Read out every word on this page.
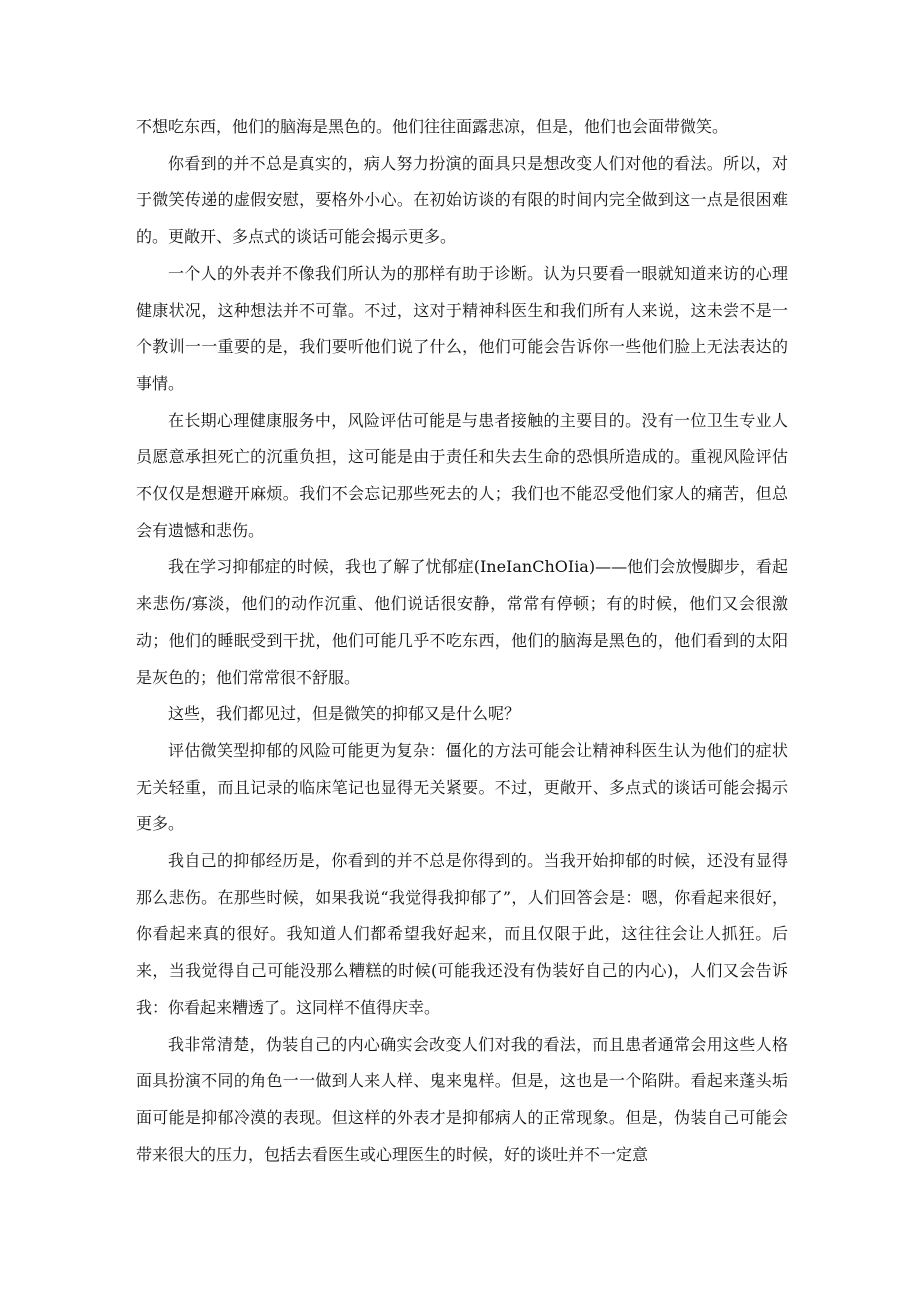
不想吃东西，他们的脑海是黑色的。他们往往面露悲凉，但是，他们也会面带微笑。

你看到的并不总是真实的，病人努力扮演的面具只是想改变人们对他的看法。所以，对于微笑传递的虚假安慰，要格外小心。在初始访谈的有限的时间内完全做到这一点是很困难的。更敞开、多点式的谈话可能会揭示更多。

一个人的外表并不像我们所认为的那样有助于诊断。认为只要看一眼就知道来访的心理健康状况，这种想法并不可靠。不过，这对于精神科医生和我们所有人来说，这未尝不是一个教训一一重要的是，我们要听他们说了什么，他们可能会告诉你一些他们脸上无法表达的事情。

在长期心理健康服务中，风险评估可能是与患者接触的主要目的。没有一位卫生专业人员愿意承担死亡的沉重负担，这可能是由于责任和失去生命的恐惧所造成的。重视风险评估不仅仅是想避开麻烦。我们不会忘记那些死去的人；我们也不能忍受他们家人的痛苦，但总会有遗憾和悲伤。

我在学习抑郁症的时候，我也了解了忧郁症(IneIanChOIia)——他们会放慢脚步，看起来悲伤/寡淡，他们的动作沉重、他们说话很安静，常常有停顿；有的时候，他们又会很激动；他们的睡眠受到干扰，他们可能几乎不吃东西，他们的脑海是黑色的，他们看到的太阳是灰色的；他们常常很不舒服。

这些，我们都见过，但是微笑的抑郁又是什么呢？

评估微笑型抑郁的风险可能更为复杂：僵化的方法可能会让精神科医生认为他们的症状无关轻重，而且记录的临床笔记也显得无关紧要。不过，更敞开、多点式的谈话可能会揭示更多。

我自己的抑郁经历是，你看到的并不总是你得到的。当我开始抑郁的时候，还没有显得那么悲伤。在那些时候，如果我说“我觉得我抑郁了”，人们回答会是：嗯，你看起来很好，你看起来真的很好。我知道人们都希望我好起来，而且仅限于此，这往往会让人抓狂。后来，当我觉得自己可能没那么糟糕的时候(可能我还没有伪装好自己的内心)，人们又会告诉我：你看起来糟透了。这同样不值得庆幸。

我非常清楚，伪装自己的内心确实会改变人们对我的看法，而且患者通常会用这些人格面具扮演不同的角色一一做到人来人样、鬼来鬼样。但是，这也是一个陷阱。看起来蓬头垢面可能是抑郁冷漠的表现。但这样的外表才是抑郁病人的正常现象。但是，伪装自己可能会带来很大的压力，包括去看医生或心理医生的时候，好的谈吐并不一定意
